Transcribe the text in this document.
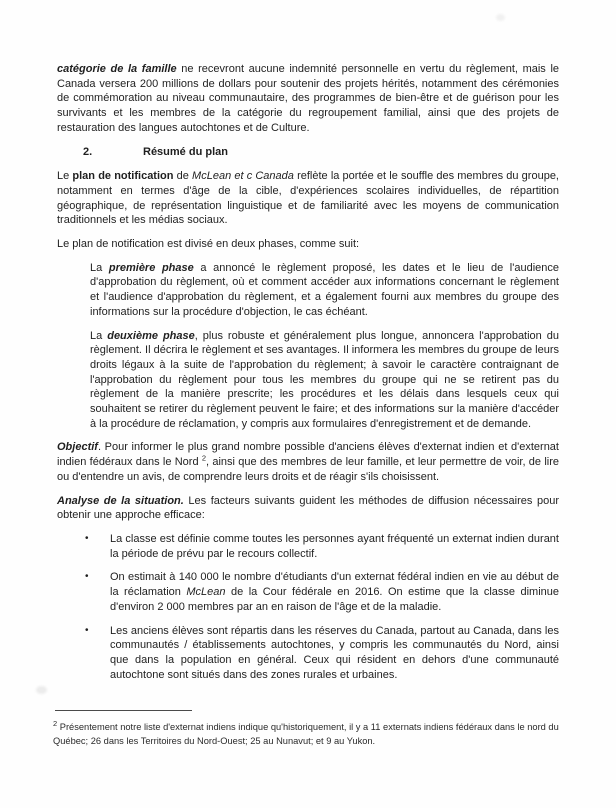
catégorie de la famille ne recevront aucune indemnité personnelle en vertu du règlement, mais le Canada versera 200 millions de dollars pour soutenir des projets hérités, notamment des cérémonies de commémoration au niveau communautaire, des programmes de bien-être et de guérison pour les survivants et les membres de la catégorie du regroupement familial, ainsi que des projets de restauration des langues autochtones et de Culture.

2.	Résumé du plan

Le plan de notification de McLean et c Canada reflète la portée et le souffle des membres du groupe, notamment en termes d'âge de la cible, d'expériences scolaires individuelles, de répartition géographique, de représentation linguistique et de familiarité avec les moyens de communication traditionnels et les médias sociaux.

Le plan de notification est divisé en deux phases, comme suit:

La première phase a annoncé le règlement proposé, les dates et le lieu de l'audience d'approbation du règlement, où et comment accéder aux informations concernant le règlement et l'audience d'approbation du règlement, et a également fourni aux membres du groupe des informations sur la procédure d'objection, le cas échéant.

La deuxième phase, plus robuste et généralement plus longue, annoncera l'approbation du règlement. Il décrira le règlement et ses avantages. Il informera les membres du groupe de leurs droits légaux à la suite de l'approbation du règlement; à savoir le caractère contraignant de l'approbation du règlement pour tous les membres du groupe qui ne se retirent pas du règlement de la manière prescrite; les procédures et les délais dans lesquels ceux qui souhaitent se retirer du règlement peuvent le faire; et des informations sur la manière d'accéder à la procédure de réclamation, y compris aux formulaires d'enregistrement et de demande.

Objectif. Pour informer le plus grand nombre possible d'anciens élèves d'externat indien et d'externat indien fédéraux dans le Nord $^2$, ainsi que des membres de leur famille, et leur permettre de voir, de lire ou d'entendre un avis, de comprendre leurs droits et de réagir s'ils choisissent.

Analyse de la situation. Les facteurs suivants guident les méthodes de diffusion nécessaires pour obtenir une approche efficace:

•	La classe est définie comme toutes les personnes ayant fréquenté un externat indien durant la période de prévu par le recours collectif.
•	On estimait à 140 000 le nombre d'étudiants d'un externat fédéral indien en vie au début de la réclamation McLean de la Cour fédérale en 2016. On estime que la classe diminue d'environ 2 000 membres par an en raison de l'âge et de la maladie.
•	Les anciens élèves sont répartis dans les réserves du Canada, partout au Canada, dans les communautés / établissements autochtones, y compris les communautés du Nord, ainsi que dans la population en général. Ceux qui résident en dehors d'une communauté autochtone sont situés dans des zones rurales et urbaines.

$^2$ Présentement notre liste d'externat indiens indique qu'historiquement, il y a 11 externats indiens fédéraux dans le nord du Québec; 26 dans les Territoires du Nord-Ouest; 25 au Nunavut; et 9 au Yukon.
